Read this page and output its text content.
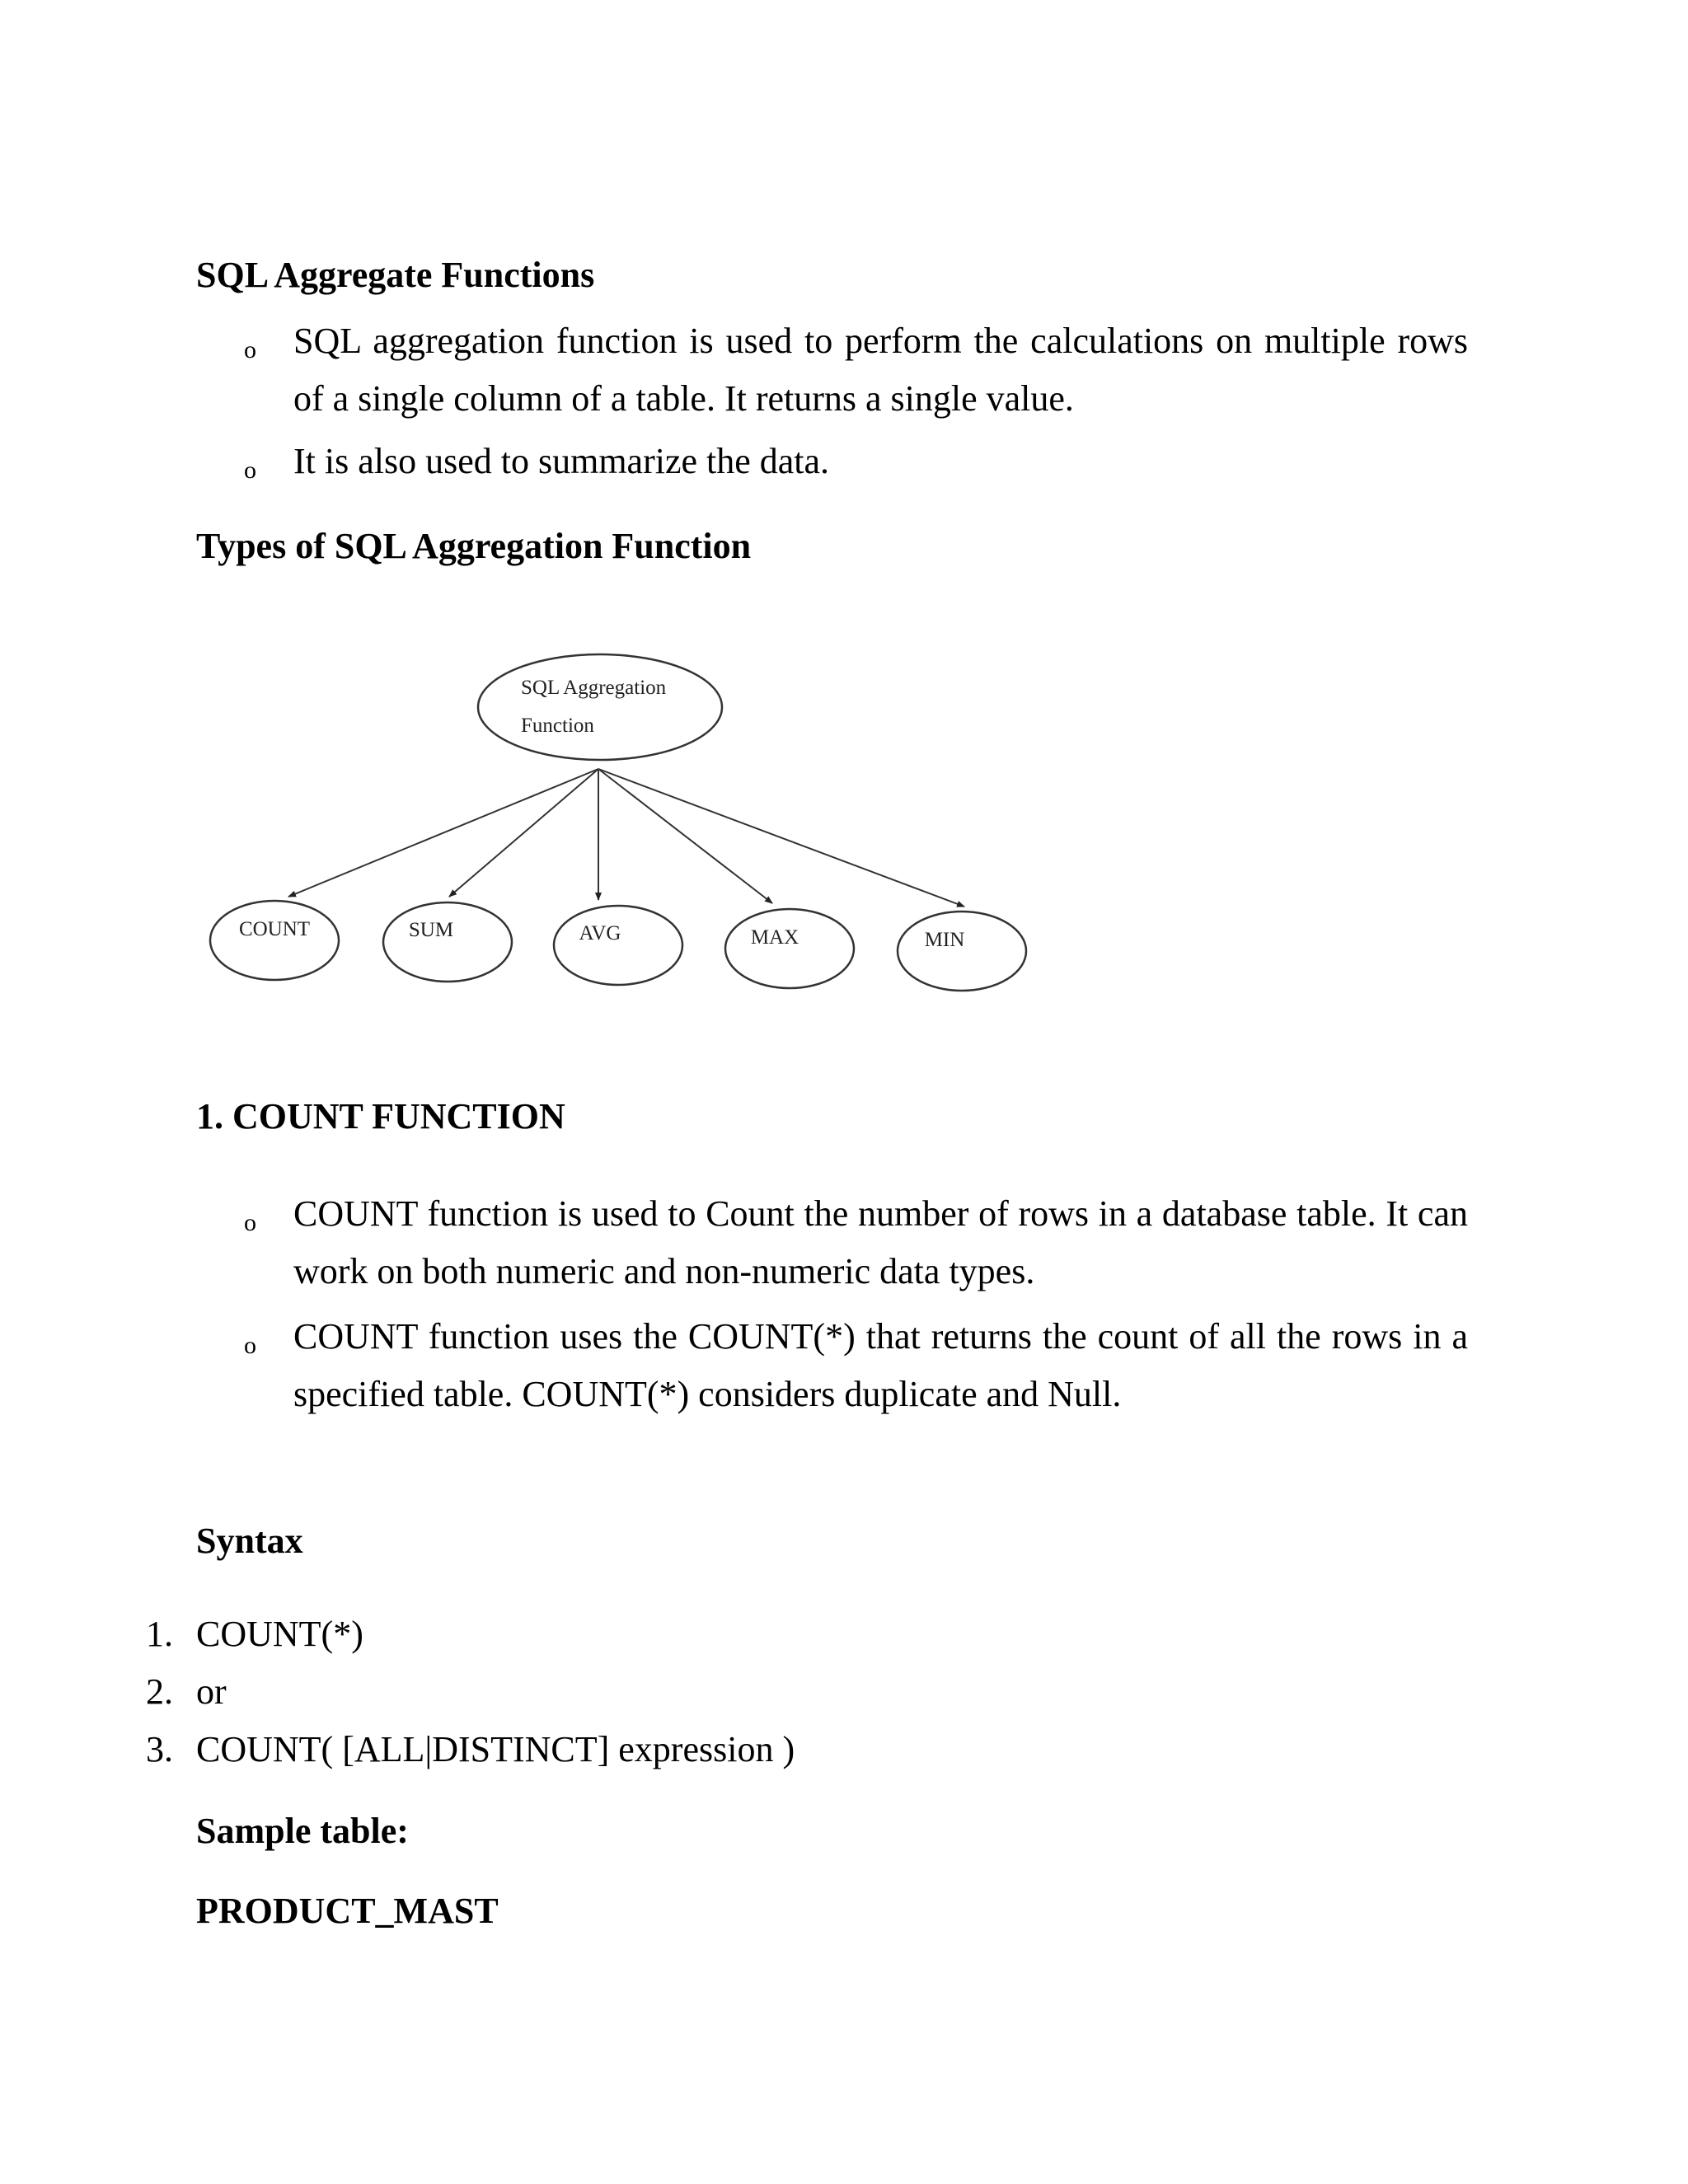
SQL Aggregate Functions
o SQL aggregation function is used to perform the calculations on multiple rows of a single column of a table. It returns a single value.
o It is also used to summarize the data.
Types of SQL Aggregation Function
SQL Aggregation
Function
COUNT	SUM	AVG	MAX	MIN
1. COUNT FUNCTION
o COUNT function is used to Count the number of rows in a database table. It can work on both numeric and non-numeric data types.
o COUNT function uses the COUNT(*) that returns the count of all the rows in a specified table. COUNT(*) considers duplicate and Null.
Syntax
1. COUNT(*)
2. or
3. COUNT( [ALL|DISTINCT] expression )
Sample table:
PRODUCT_MAST
